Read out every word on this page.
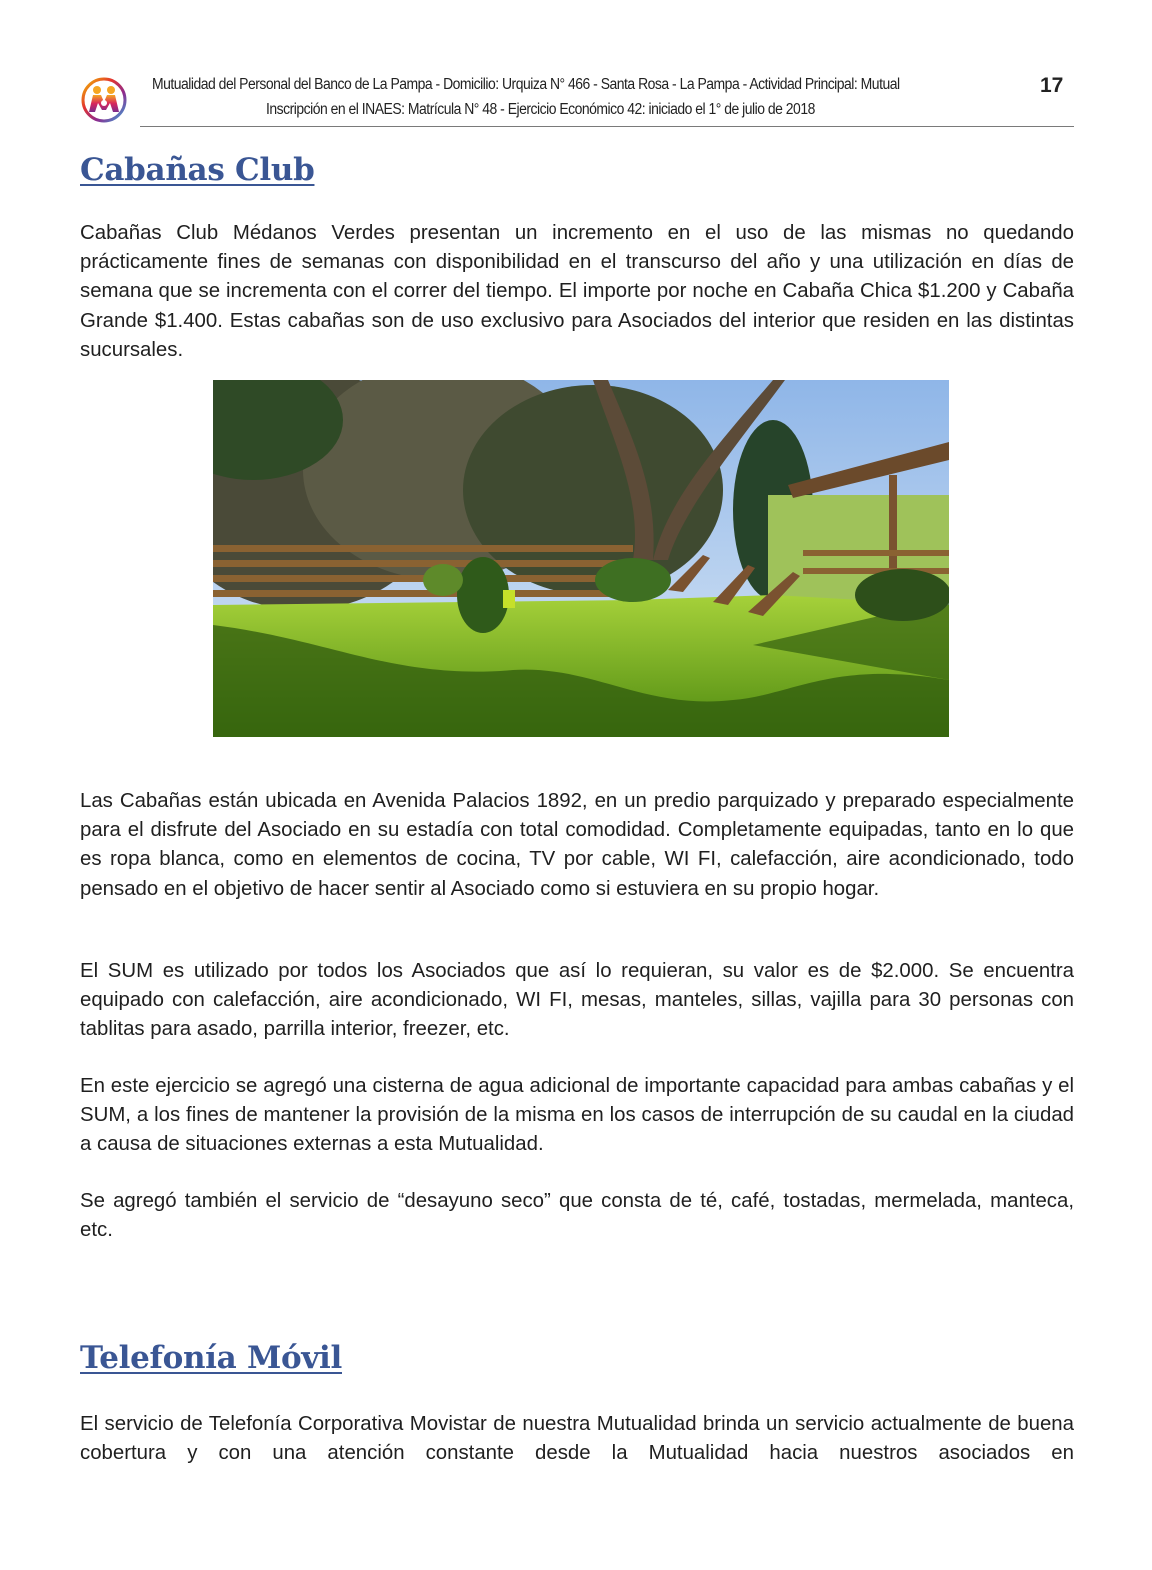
Mutualidad del Personal del Banco de La Pampa - Domicilio: Urquiza N° 466 - Santa Rosa - La Pampa - Actividad Principal: Mutual
Inscripción en el INAES: Matrícula N° 48 - Ejercicio Económico 42: iniciado el 1° de julio de 2018
17
Cabañas Club

Cabañas Club Médanos Verdes presentan un incremento en el uso de las mismas no quedando prácticamente fines de semanas con disponibilidad en el transcurso del año y una utilización en días de semana que se incrementa con el correr del tiempo. El importe por noche en Cabaña Chica $1.200 y Cabaña Grande $1.400. Estas cabañas son de uso exclusivo para Asociados del interior que residen en las distintas sucursales.

Las Cabañas están ubicada en Avenida Palacios 1892, en un predio parquizado y preparado especialmente para el disfrute del Asociado en su estadía con total comodidad. Completamente equipadas, tanto en lo que es ropa blanca, como en elementos de cocina, TV por cable, WI FI, calefacción, aire acondicionado, todo pensado en el objetivo de hacer sentir al Asociado como si estuviera en su propio hogar.

El SUM es utilizado por todos los Asociados que así lo requieran, su valor es de $2.000. Se encuentra equipado con calefacción, aire acondicionado, WI FI, mesas, manteles, sillas, vajilla para 30 personas con tablitas para asado, parrilla interior, freezer, etc.

En este ejercicio se agregó una cisterna de agua adicional de importante capacidad para ambas cabañas y el SUM, a los fines de mantener la provisión de la misma en los casos de interrupción de su caudal en la ciudad a causa de situaciones externas a esta Mutualidad.

Se agregó también el servicio de “desayuno seco” que consta de té, café, tostadas, mermelada, manteca, etc.

Telefonía Móvil

El servicio de Telefonía Corporativa Movistar de nuestra Mutualidad brinda un servicio actualmente de buena cobertura y con una atención constante desde la Mutualidad hacia nuestros asociados en
